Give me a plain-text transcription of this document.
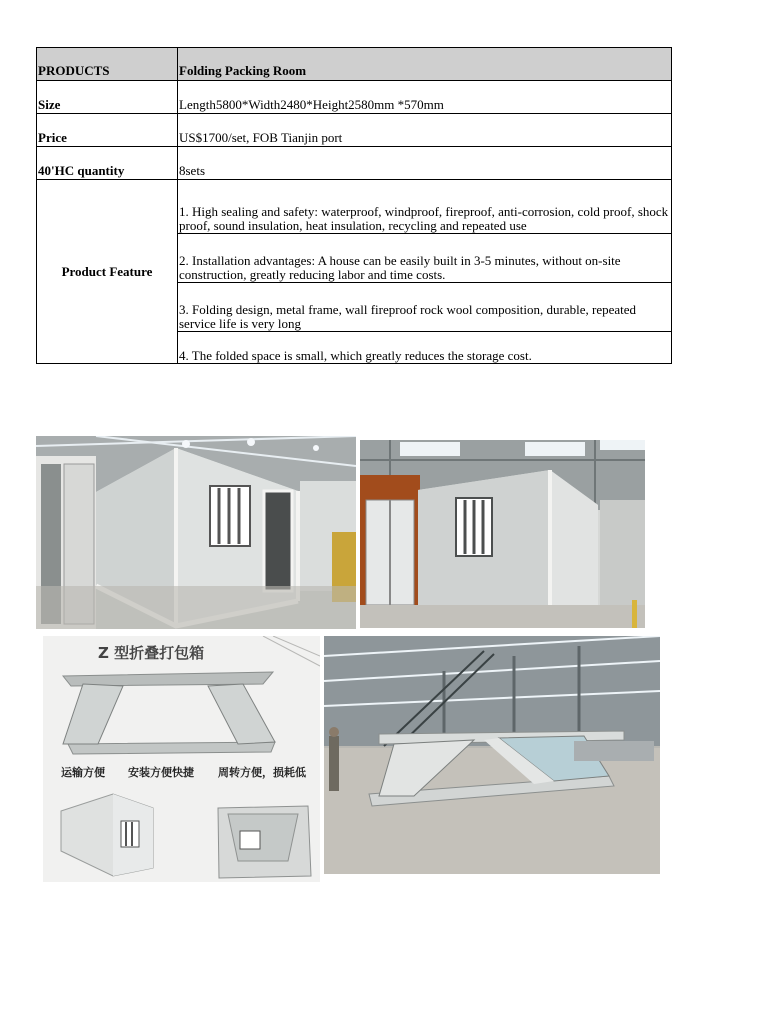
PRODUCTS	Folding Packing Room
Size	Length5800*Width2480*Height2580mm *570mm
Price	US$1700/set, FOB Tianjin port
40'HC quantity	8sets
Product Feature	1. High sealing and safety: waterproof, windproof, fireproof, anti-corrosion, cold proof, shock proof, sound insulation, heat insulation, recycling and repeated use
	2. Installation advantages: A house can be easily built in 3-5 minutes, without on-site construction, greatly reducing labor and time costs.
	3. Folding design, metal frame, wall fireproof rock wool composition, durable, repeated service life is very long
	4. The folded space is small, which greatly reduces the storage cost.
Z 型折叠打包箱
运输方便 安装方便快捷 周转方便，损耗低
